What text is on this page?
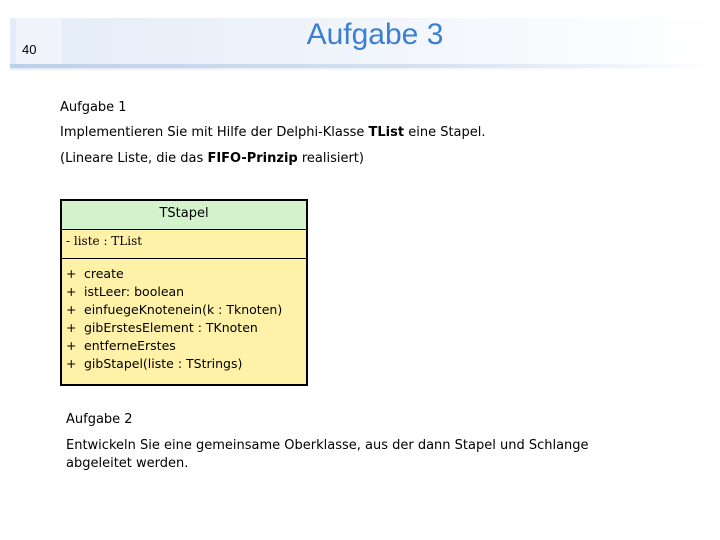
40	Aufgabe 3
Aufgabe 1
Implementieren Sie mit Hilfe der Delphi-Klasse TList eine Stapel.
(Lineare Liste, die das FIFO-Prinzip realisiert)
TStapel
- liste : TList
+ create
+ istLeer: boolean
+ einfuegeKnotenein(k : Tknoten)
+ gibErstesElement : TKnoten
+ entferneErstes
+ gibStapel(liste : TStrings)
Aufgabe 2
Entwickeln Sie eine gemeinsame Oberklasse, aus der dann Stapel und Schlange
abgeleitet werden.
